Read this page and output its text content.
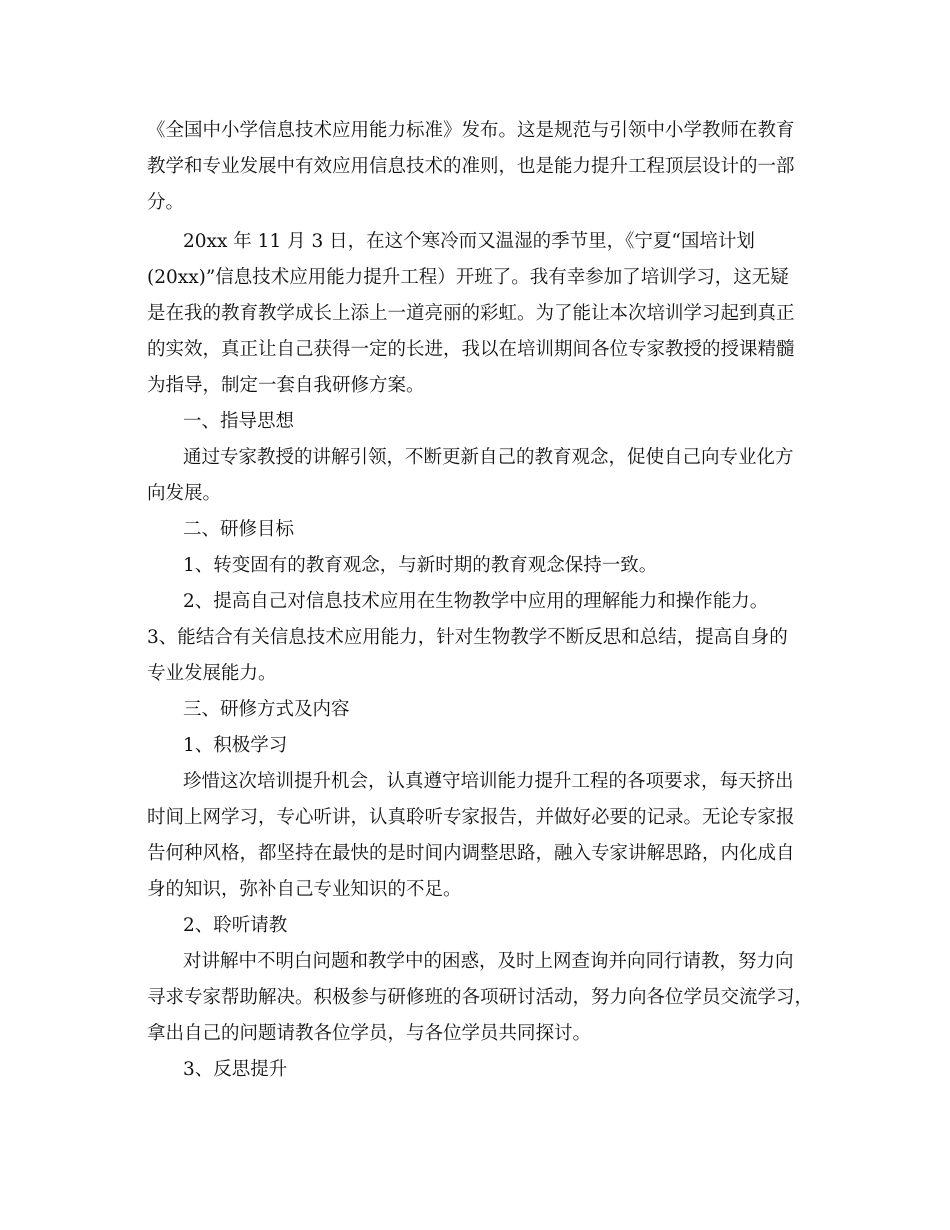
《全国中小学信息技术应用能力标准》发布。这是规范与引领中小学教师在教育
教学和专业发展中有效应用信息技术的准则，也是能力提升工程顶层设计的一部
分。
20xx 年 11 月 3 日，在这个寒冷而又温湿的季节里，《宁夏“国培计划
(20xx)”信息技术应用能力提升工程）开班了。我有幸参加了培训学习，这无疑
是在我的教育教学成长上添上一道亮丽的彩虹。为了能让本次培训学习起到真正
的实效，真正让自己获得一定的长进，我以在培训期间各位专家教授的授课精髓
为指导，制定一套自我研修方案。
一、指导思想
通过专家教授的讲解引领，不断更新自己的教育观念，促使自己向专业化方
向发展。
二、研修目标
1、转变固有的教育观念，与新时期的教育观念保持一致。
2、提高自己对信息技术应用在生物教学中应用的理解能力和操作能力。
3、能结合有关信息技术应用能力，针对生物教学不断反思和总结，提高自身的
专业发展能力。
三、研修方式及内容
1、积极学习
珍惜这次培训提升机会，认真遵守培训能力提升工程的各项要求，每天挤出
时间上网学习，专心听讲，认真聆听专家报告，并做好必要的记录。无论专家报
告何种风格，都坚持在最快的是时间内调整思路，融入专家讲解思路，内化成自
身的知识，弥补自己专业知识的不足。
2、聆听请教
对讲解中不明白问题和教学中的困惑，及时上网查询并向同行请教，努力向
寻求专家帮助解决。积极参与研修班的各项研讨活动，努力向各位学员交流学习，
拿出自己的问题请教各位学员，与各位学员共同探讨。
3、反思提升
